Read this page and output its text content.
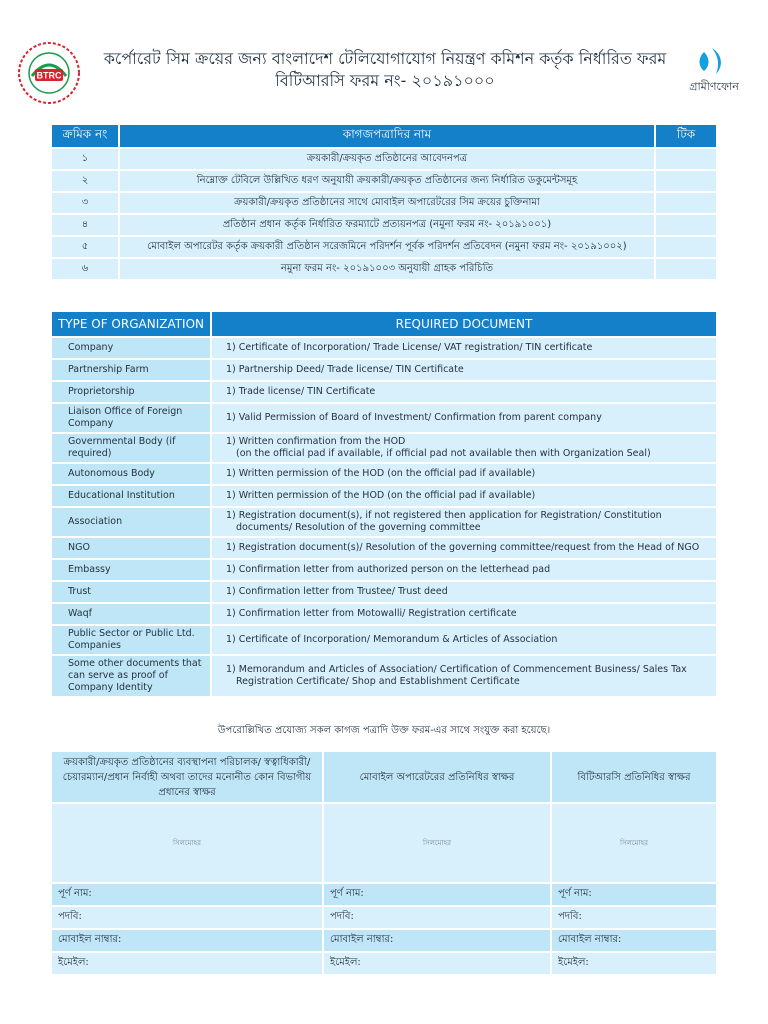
BTRC
কর্পোরেট সিম ক্রয়ের জন্য বাংলাদেশ টেলিযোগাযোগ নিয়ন্ত্রণ কমিশন কর্তৃক নির্ধারিত ফরম
বিটিআরসি ফরম নং- ২০১৯১০০০	গ্রামীণফোন
ক্রমিক নং	কাগজপত্রাদির নাম	টিক
১	ক্রয়কারী/ক্রয়কৃত প্রতিষ্ঠানের আবেদনপত্র	
২	নিম্নোক্ত টেবিলে উল্লিখিত ধরণ অনুযায়ী ক্রয়কারী/ক্রয়কৃত প্রতিষ্ঠানের জন্য নির্ধারিত ডকুমেন্টসমূহ	
৩	ক্রয়কারী/ক্রয়কৃত প্রতিষ্ঠানের সাথে মোবাইল অপারেটরের সিম ক্রয়ের চুক্তিনামা	
৪	প্রতিষ্ঠান প্রধান কর্তৃক নির্ধারিত ফরম্যাটে প্রত্যয়নপত্র (নমুনা ফরম নং- ২০১৯১০০১)	
৫	মোবাইল অপারেটর কর্তৃক ক্রয়কারী প্রতিষ্ঠান সরেজমিনে পরিদর্শন পূর্বক পরিদর্শন প্রতিবেদন (নমুনা ফরম নং- ২০১৯১০০২)	
৬	নমুনা ফরম নং- ২০১৯১০০৩ অনুযায়ী গ্রাহক পরিচিতি	
TYPE OF ORGANIZATION	REQUIRED DOCUMENT
Company	1) Certificate of Incorporation/ Trade License/ VAT registration/ TIN certificate
Partnership Farm	1) Partnership Deed/ Trade license/ TIN Certificate
Proprietorship	1) Trade license/ TIN Certificate
Liaison Office of Foreign Company	1) Valid Permission of Board of Investment/ Confirmation from parent company
Governmental Body (if required)	1) Written confirmation from the HOD
(on the official pad if available, if official pad not available then with Organization Seal)

Autonomous Body	1) Written permission of the HOD (on the official pad if available)
Educational Institution	1) Written permission of the HOD (on the official pad if available)
Association	1) Registration document(s), if not registered then application for Registration/ Constitution
documents/ Resolution of the governing committee

NGO	1) Registration document(s)/ Resolution of the governing committee/request from the Head of NGO
Embassy	1) Confirmation letter from authorized person on the letterhead pad
Trust	1) Confirmation letter from Trustee/ Trust deed
Waqf	1) Confirmation letter from Motowalli/ Registration certificate
Public Sector or Public Ltd. Companies	1) Certificate of Incorporation/ Memorandum & Articles of Association
Some other documents that can serve as proof of Company Identity	1) Memorandum and Articles of Association/ Certification of Commencement Business/ Sales Tax
Registration Certificate/ Shop and Establishment Certificate
উপরোল্লিখিত প্রযোজ্য সকল কাগজ পত্রাদি উক্ত ফরম-এর সাথে সংযুক্ত করা হয়েছে।
ক্রয়কারী/ক্রয়কৃত প্রতিষ্ঠানের ব্যবস্থাপনা পরিচালক/ স্বত্বাধিকারী/চেয়ারম্যান/প্রধান নির্বাহী অথবা তাদের মনোনীত কোন বিভাগীয় প্রধানের স্বাক্ষর	মোবাইল অপারেটরের প্রতিনিধির স্বাক্ষর	বিটিআরসি প্রতিনিধির স্বাক্ষর
সিলমোহর	সিলমোহর	সিলমোহর
পূর্ণ নাম:	পূর্ণ নাম:	পূর্ণ নাম:
পদবি:	পদবি:	পদবি:
মোবাইল নাম্বার:	মোবাইল নাম্বার:	মোবাইল নাম্বার:
ইমেইল:	ইমেইল:	ইমেইল:
